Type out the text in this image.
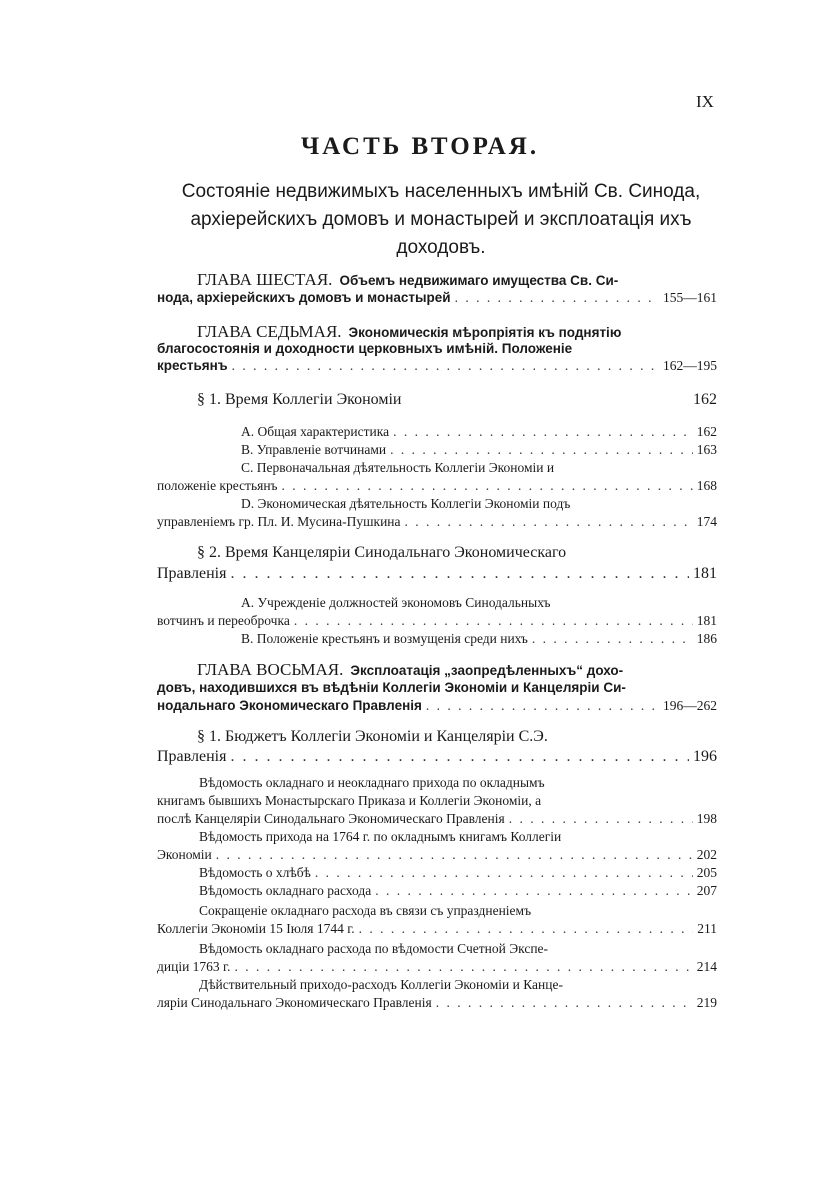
IX
ЧАСТЬ ВТОРАЯ.
Состояніе недвижимыхъ населенныхъ имѣній Св. Синода, архіерейскихъ домовъ и монастырей и эксплоатація ихъ доходовъ.
ГЛАВА ШЕСТАЯ. Объемъ недвижимаго имущества Св. Си-
нода, архіерейскихъ домовъ и монастырей . . .	155—161
ГЛАВА СЕДЬМАЯ. Экономическія мѣропріятія къ поднятію
благосостоянія и доходности церковныхъ имѣній. Положеніе
крестьянъ . . .	162—195
§ 1. Время Коллегіи Экономіи	162
A. Общая характеристика . . .	162
B. Управленіе вотчинами . . .	163
C. Первоначальная дѣятельность Коллегіи Экономіи и
положеніе крестьянъ . . .	168
D. Экономическая дѣятельность Коллегіи Экономіи подъ
управленіемъ гр. Пл. И. Мусина-Пушкина . . .	174
§ 2. Время Канцеляріи Синодальнаго Экономическаго
Правленія . . .	181
A. Учрежденіе должностей экономовъ Синодальныхъ
вотчинъ и переоброчка . . .	181
B. Положеніе крестьянъ и возмущенія среди нихъ . . .	186
ГЛАВА ВОСЬМАЯ. Эксплоатація „заопредѣленныхъ“ дохо-
довъ, находившихся въ вѣдѣніи Коллегіи Экономіи и Канцеляріи Си-
нодальнаго Экономическаго Правленія . . .	196—262
§ 1. Бюджетъ Коллегіи Экономіи и Канцеляріи С.Э.
Правленія . . .	196
Вѣдомость окладнаго и неокладнаго прихода по окладнымъ
книгамъ бывшихъ Монастырскаго Приказа и Коллегіи Экономіи, а
послѣ Канцеляріи Синодальнаго Экономическаго Правленія . . .	198
Вѣдомость прихода на 1764 г. по окладнымъ книгамъ Коллегіи
Экономіи . . .	202
Вѣдомость о хлѣбѣ . . .	205
Вѣдомость окладнаго расхода . . .	207
Сокращеніе окладнаго расхода въ связи съ упраздненіемъ
Коллегіи Экономіи 15 Іюля 1744 г. . . .	211
Вѣдомость окладнаго расхода по вѣдомости Счетной Экспе-
диціи 1763 г. . . .	214
Дѣйствительный приходо-расходъ Коллегіи Экономіи и Канце-
ляріи Синодальнаго Экономическаго Правленія . . .	219
